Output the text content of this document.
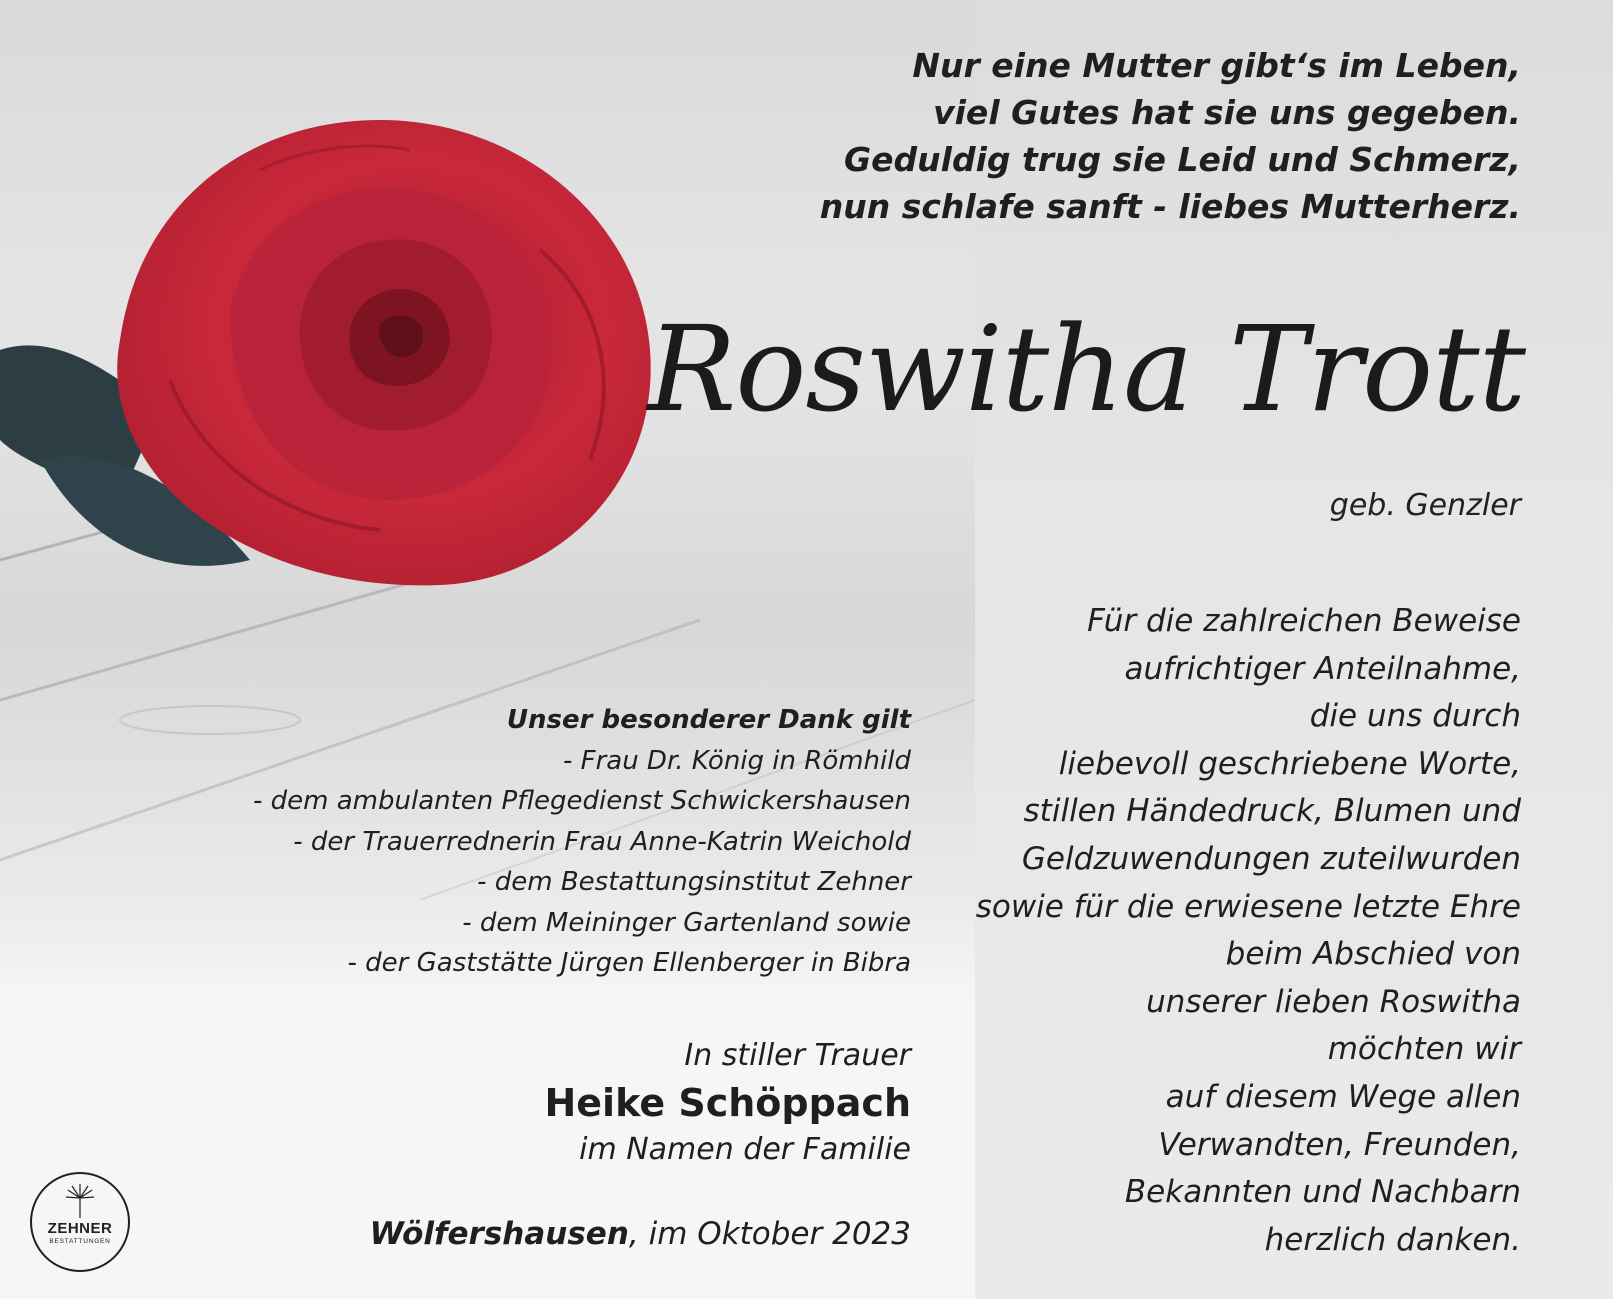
Nur eine Mutter gibt‘s im Leben,
viel Gutes hat sie uns gegeben.
Geduldig trug sie Leid und Schmerz,
nun schlafe sanft - liebes Mutterherz.
Roswitha Trott
geb. Genzler
Für die zahlreichen Beweise
aufrichtiger Anteilnahme,
die uns durch
liebevoll geschriebene Worte,
stillen Händedruck, Blumen und
Geldzuwendungen zuteilwurden
sowie für die erwiesene letzte Ehre
beim Abschied von
unserer lieben Roswitha
möchten wir
auf diesem Wege allen
Verwandten, Freunden,
Bekannten und Nachbarn
herzlich danken.
Unser besonderer Dank gilt
- Frau Dr. König in Römhild
- dem ambulanten Pflegedienst Schwickershausen
- der Trauerrednerin Frau Anne-Katrin Weichold
- dem Bestattungsinstitut Zehner
- dem Meininger Gartenland sowie
- der Gaststätte Jürgen Ellenberger in Bibra
In stiller Trauer
Heike Schöppach
im Namen der Familie
Wölfershausen, im Oktober 2023
ZEHNER
BESTATTUNGEN
